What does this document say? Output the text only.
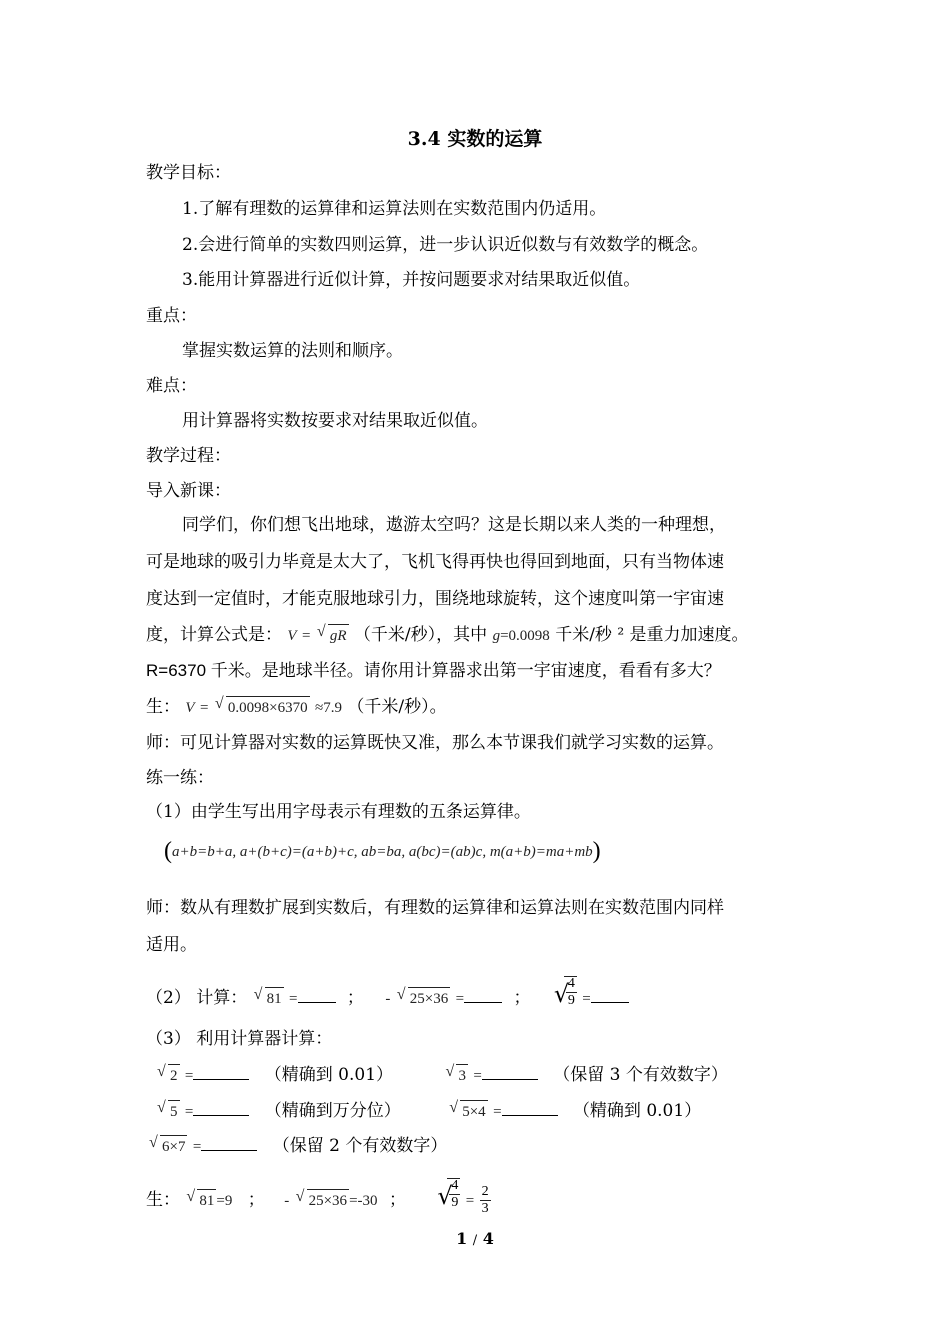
3.4 实数的运算
教学目标：
1.了解有理数的运算律和运算法则在实数范围内仍适用。
2.会进行简单的实数四则运算，进一步认识近似数与有效数学的概念。
3.能用计算器进行近似计算，并按问题要求对结果取近似值。
重点：
掌握实数运算的法则和顺序。
难点：
用计算器将实数按要求对结果取近似值。
教学过程：
导入新课：
同学们，你们想飞出地球，遨游太空吗？这是长期以来人类的一种理想，
可是地球的吸引力毕竟是太大了，飞机飞得再快也得回到地面，只有当物体速
度达到一定值时，才能克服地球引力，围绕地球旋转，这个速度叫第一宇宙速
度，计算公式是： V = √ gR （千米/秒），其中 g=0.0098 千米/秒 ² 是重力加速度。
R=6370 千米。是地球半径。请你用计算器求出第一宇宙速度，看看有多大？
生： V = √ 0.0098×6370 ≈7.9 （千米/秒）。
师：可见计算器对实数的运算既快又准，那么本节课我们就学习实数的运算。
练一练：
（1）由学生写出用字母表示有理数的五条运算律。
(a+b=b+a, a+(b+c)=(a+b)+c, ab=ba, a(bc)=(ab)c, m(a+b)=ma+mb)
师：数从有理数扩展到实数后，有理数的运算律和运算法则在实数范围内同样
适用。
（2） 计算： √ 81 =	； - √ 25×36 =	； √
$\frac{4}{9}$ =
（3） 利用计算器计算：
√ 2 =	（精确到 0.01）	√ 3 =	（保留 3 个有效数字）
√ 5 =	（精确到万分位）	√ 5×4 =	（精确到 0.01）
√ 6×7 =	（保留 2 个有效数字）
生： √ 81 =9 ； - √ 25×36 =-30 ； √
$\frac{4}{9} = \frac{2}{3}$
1 / 4
